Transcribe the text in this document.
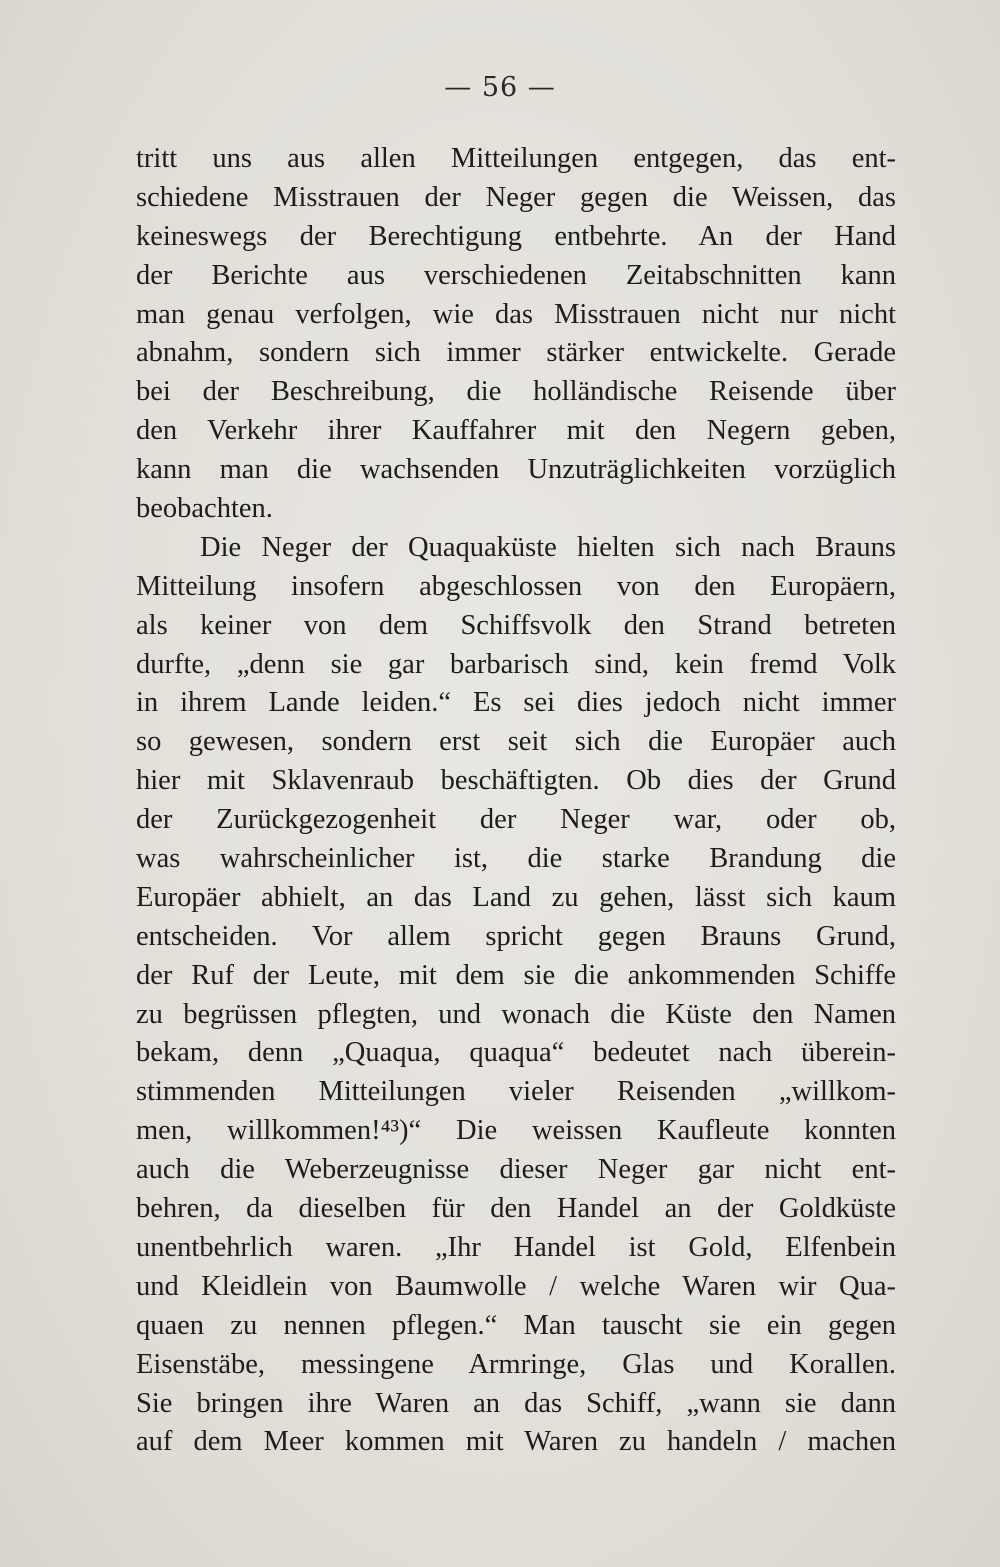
— 56 —
tritt uns aus allen Mitteilungen entgegen, das ent-
schiedene Misstrauen der Neger gegen die Weissen, das
keineswegs der Berechtigung entbehrte. An der Hand
der Berichte aus verschiedenen Zeitabschnitten kann
man genau verfolgen, wie das Misstrauen nicht nur nicht
abnahm, sondern sich immer stärker entwickelte. Gerade
bei der Beschreibung, die holländische Reisende über
den Verkehr ihrer Kauffahrer mit den Negern geben,
kann man die wachsenden Unzuträglichkeiten vorzüglich
beobachten.
Die Neger der Quaquaküste hielten sich nach Brauns
Mitteilung insofern abgeschlossen von den Europäern,
als keiner von dem Schiffsvolk den Strand betreten
durfte, „denn sie gar barbarisch sind, kein fremd Volk
in ihrem Lande leiden.“ Es sei dies jedoch nicht immer
so gewesen, sondern erst seit sich die Europäer auch
hier mit Sklavenraub beschäftigten. Ob dies der Grund
der Zurückgezogenheit der Neger war, oder ob,
was wahrscheinlicher ist, die starke Brandung die
Europäer abhielt, an das Land zu gehen, lässt sich kaum
entscheiden. Vor allem spricht gegen Brauns Grund,
der Ruf der Leute, mit dem sie die ankommenden Schiffe
zu begrüssen pflegten, und wonach die Küste den Namen
bekam, denn „Quaqua, quaqua“ bedeutet nach überein-
stimmenden Mitteilungen vieler Reisenden „willkom-
men, willkommen!⁴³)“ Die weissen Kaufleute konnten
auch die Weberzeugnisse dieser Neger gar nicht ent-
behren, da dieselben für den Handel an der Goldküste
unentbehrlich waren. „Ihr Handel ist Gold, Elfenbein
und Kleidlein von Baumwolle / welche Waren wir Qua-
quaen zu nennen pflegen.“ Man tauscht sie ein gegen
Eisenstäbe, messingene Armringe, Glas und Korallen.
Sie bringen ihre Waren an das Schiff, „wann sie dann
auf dem Meer kommen mit Waren zu handeln / machen
